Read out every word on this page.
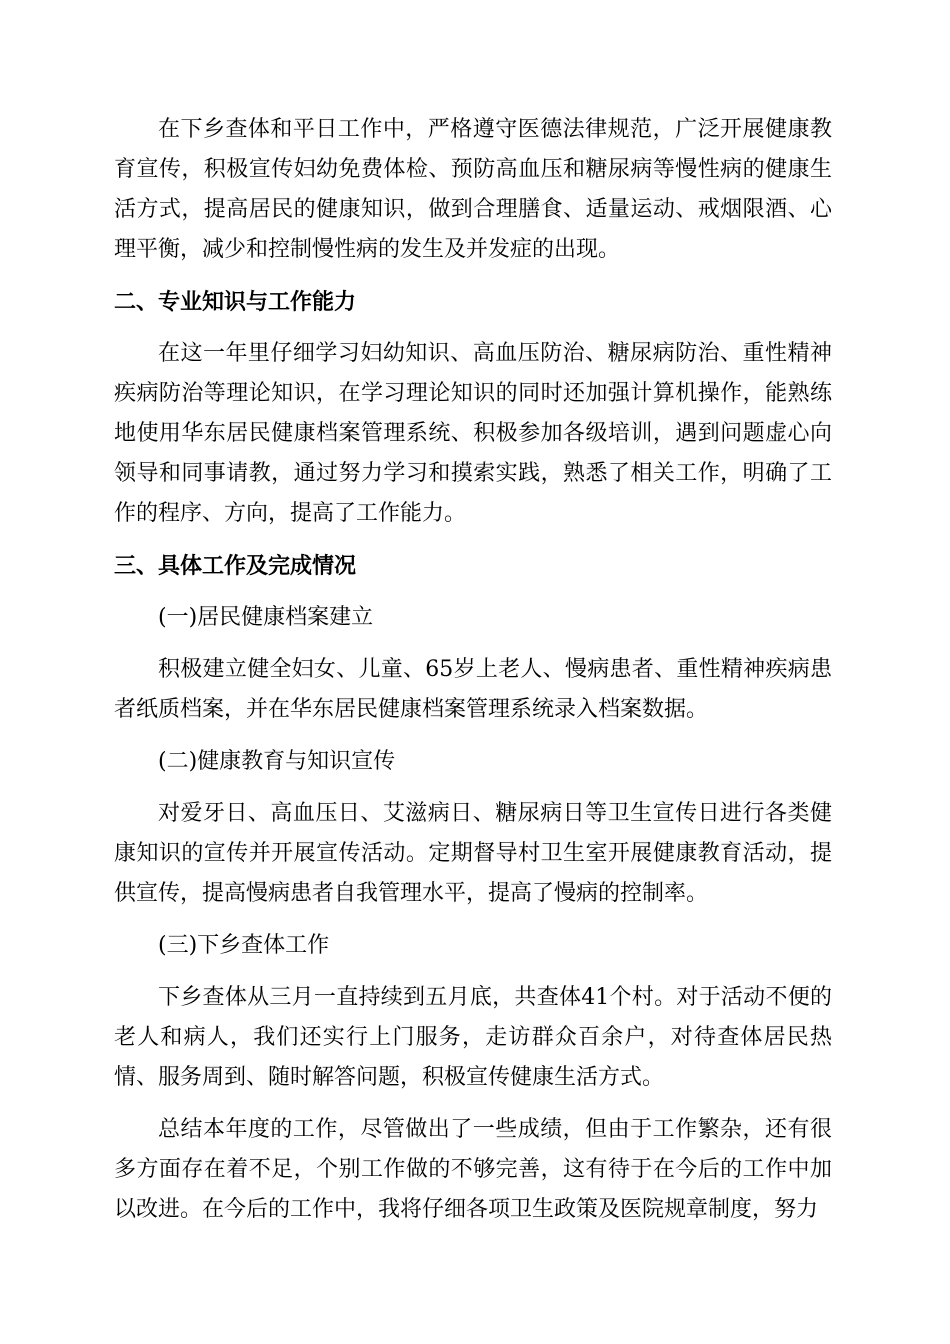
在下乡查体和平日工作中，严格遵守医德法律规范，广泛开展健康教育宣传，积极宣传妇幼免费体检、预防高血压和糖尿病等慢性病的健康生活方式，提高居民的健康知识，做到合理膳食、适量运动、戒烟限酒、心理平衡，减少和控制慢性病的发生及并发症的出现。

二、专业知识与工作能力

在这一年里仔细学习妇幼知识、高血压防治、糖尿病防治、重性精神疾病防治等理论知识，在学习理论知识的同时还加强计算机操作，能熟练地使用华东居民健康档案管理系统、积极参加各级培训，遇到问题虚心向领导和同事请教，通过努力学习和摸索实践，熟悉了相关工作，明确了工作的程序、方向，提高了工作能力。

三、具体工作及完成情况

(一)居民健康档案建立

积极建立健全妇女、儿童、65岁上老人、慢病患者、重性精神疾病患者纸质档案，并在华东居民健康档案管理系统录入档案数据。

(二)健康教育与知识宣传

对爱牙日、高血压日、艾滋病日、糖尿病日等卫生宣传日进行各类健康知识的宣传并开展宣传活动。定期督导村卫生室开展健康教育活动，提供宣传，提高慢病患者自我管理水平，提高了慢病的控制率。

(三)下乡查体工作

下乡查体从三月一直持续到五月底，共查体41个村。对于活动不便的老人和病人，我们还实行上门服务，走访群众百余户，对待查体居民热情、服务周到、随时解答问题，积极宣传健康生活方式。

总结本年度的工作，尽管做出了一些成绩，但由于工作繁杂，还有很多方面存在着不足，个别工作做的不够完善，这有待于在今后的工作中加以改进。在今后的工作中，我将仔细各项卫生政策及医院规章制度，努力
